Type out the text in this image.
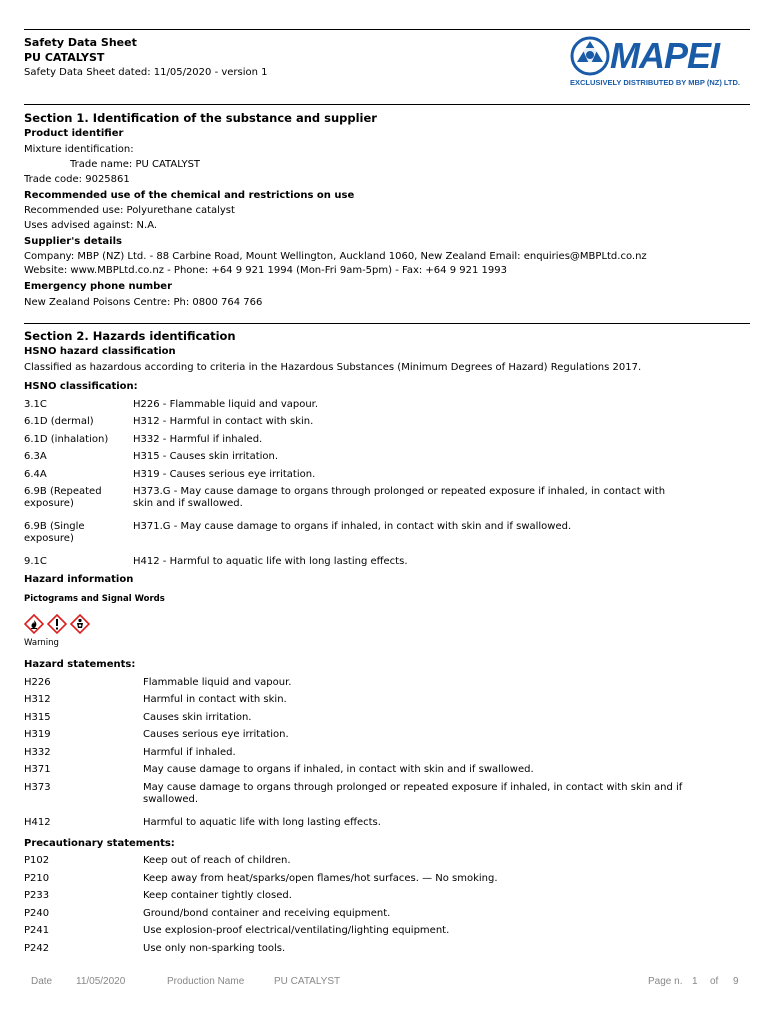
Safety Data Sheet
PU CATALYST
Safety Data Sheet dated: 11/05/2020 - version 1	MAPEI
EXCLUSIVELY DISTRIBUTED BY MBP (NZ) LTD.
Section 1. Identification of the substance and supplier
Product identifier
Mixture identification:
Trade name: PU CATALYST
Trade code: 9025861
Recommended use of the chemical and restrictions on use
Recommended use: Polyurethane catalyst
Uses advised against: N.A.
Supplier's details
Company: MBP (NZ) Ltd. - 88 Carbine Road, Mount Wellington, Auckland 1060, New Zealand Email: enquiries@MBPLtd.co.nz
Website: www.MBPLtd.co.nz - Phone: +64 9 921 1994 (Mon-Fri 9am-5pm) - Fax: +64 9 921 1993
Emergency phone number
New Zealand Poisons Centre: Ph: 0800 764 766
Section 2. Hazards identification
HSNO hazard classification
Classified as hazardous according to criteria in the Hazardous Substances (Minimum Degrees of Hazard) Regulations 2017.
HSNO classification:
3.1C	H226 - Flammable liquid and vapour.
6.1D (dermal)	H312 - Harmful in contact with skin.
6.1D (inhalation) H332 - Harmful if inhaled.
6.3A	H315 - Causes skin irritation.
6.4A	H319 - Causes serious eye irritation.
6.9B (Repeated exposure)
H373.G - May cause damage to organs through prolonged or repeated exposure if inhaled, in contact with skin and if swallowed.
6.9B (Single exposure)
H371.G - May cause damage to organs if inhaled, in contact with skin and if swallowed.
9.1C	H412 - Harmful to aquatic life with long lasting effects.
Hazard information
Pictograms and Signal Words
Warning
Hazard statements:
H226	Flammable liquid and vapour.
H312	Harmful in contact with skin.
H315	Causes skin irritation.
H319	Causes serious eye irritation.
H332	Harmful if inhaled.
H371	May cause damage to organs if inhaled, in contact with skin and if swallowed.
H373	May cause damage to organs through prolonged or repeated exposure if inhaled, in contact with skin and if swallowed.
H412	Harmful to aquatic life with long lasting effects.
Precautionary statements:
P102	Keep out of reach of children.
P210	Keep away from heat/sparks/open flames/hot surfaces. — No smoking.
P233	Keep container tightly closed.
P240	Ground/bond container and receiving equipment.
P241	Use explosion-proof electrical/ventilating/lighting equipment.
P242	Use only non-sparking tools.
Date 11/05/2020	Production Name	PU CATALYST	Page n. 1 of 9
